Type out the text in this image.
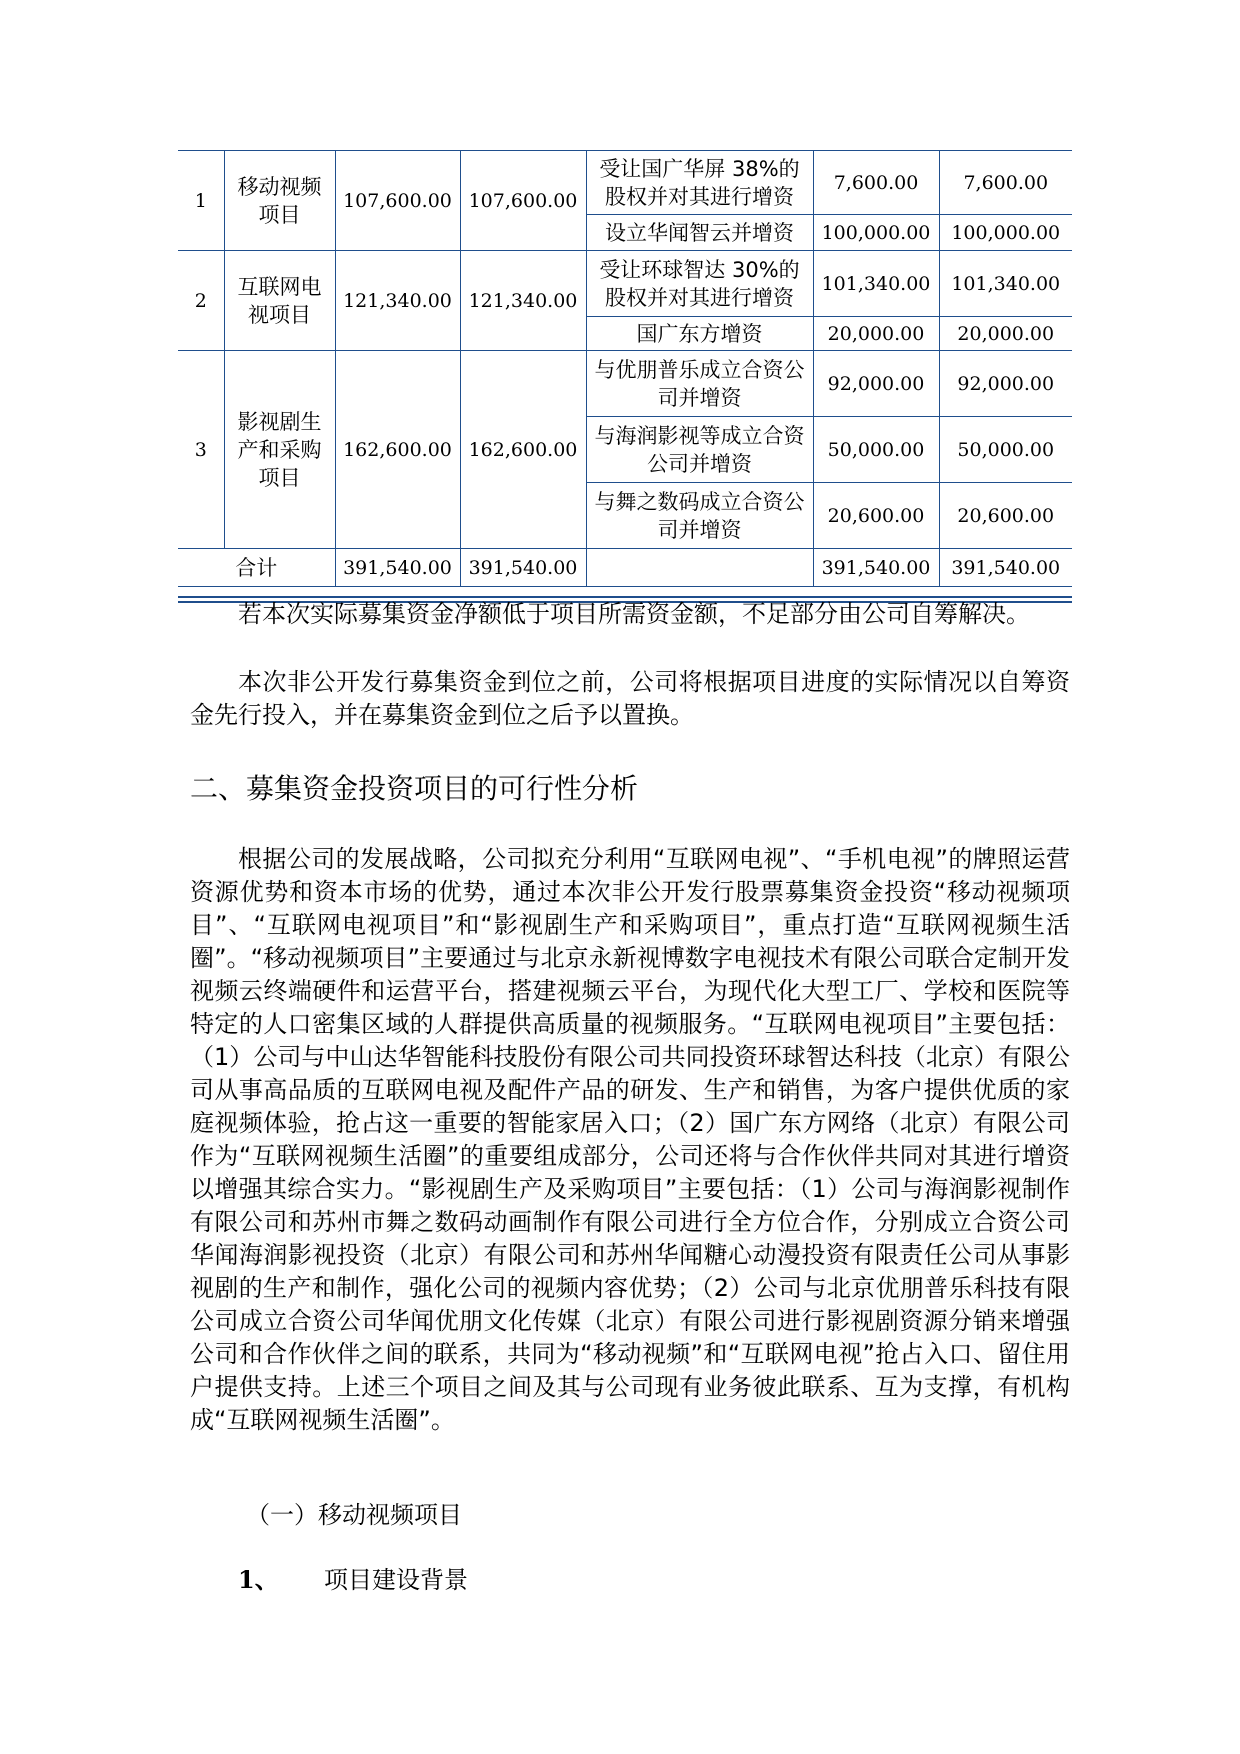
1	移动视频项目	107,600.00	107,600.00	受让国广华屏 38%的股权并对其进行增资	7,600.00	7,600.00
				设立华闻智云并增资	100,000.00	100,000.00
2	互联网电视项目	121,340.00	121,340.00	受让环球智达 30%的股权并对其进行增资	101,340.00	101,340.00
				国广东方增资	20,000.00	20,000.00
3	影视剧生产和采购项目	162,600.00	162,600.00	与优朋普乐成立合资公司并增资	92,000.00	92,000.00
				与海润影视等成立合资公司并增资	50,000.00	50,000.00
				与舞之数码成立合资公司并增资	20,600.00	20,600.00
合计		391,540.00	391,540.00		391,540.00	391,540.00

若本次实际募集资金净额低于项目所需资金额，不足部分由公司自筹解决。

本次非公开发行募集资金到位之前，公司将根据项目进度的实际情况以自筹资金先行投入，并在募集资金到位之后予以置换。

二、募集资金投资项目的可行性分析

根据公司的发展战略，公司拟充分利用“互联网电视”、“手机电视”的牌照运营资源优势和资本市场的优势，通过本次非公开发行股票募集资金投资“移动视频项目”、“互联网电视项目”和“影视剧生产和采购项目”，重点打造“互联网视频生活圈”。“移动视频项目”主要通过与北京永新视博数字电视技术有限公司联合定制开发视频云终端硬件和运营平台，搭建视频云平台，为现代化大型工厂、学校和医院等特定的人口密集区域的人群提供高质量的视频服务。“互联网电视项目”主要包括：（1）公司与中山达华智能科技股份有限公司共同投资环球智达科技（北京）有限公司从事高品质的互联网电视及配件产品的研发、生产和销售，为客户提供优质的家庭视频体验，抢占这一重要的智能家居入口；（2）国广东方网络（北京）有限公司作为“互联网视频生活圈”的重要组成部分，公司还将与合作伙伴共同对其进行增资以增强其综合实力。“影视剧生产及采购项目”主要包括：（1）公司与海润影视制作有限公司和苏州市舞之数码动画制作有限公司进行全方位合作，分别成立合资公司华闻海润影视投资（北京）有限公司和苏州华闻糖心动漫投资有限责任公司从事影视剧的生产和制作，强化公司的视频内容优势；（2）公司与北京优朋普乐科技有限公司成立合资公司华闻优朋文化传媒（北京）有限公司进行影视剧资源分销来增强公司和合作伙伴之间的联系，共同为“移动视频”和“互联网电视”抢占入口、留住用户提供支持。上述三个项目之间及其与公司现有业务彼此联系、互为支撑，有机构成“互联网视频生活圈”。

（一）移动视频项目
1、 项目建设背景
